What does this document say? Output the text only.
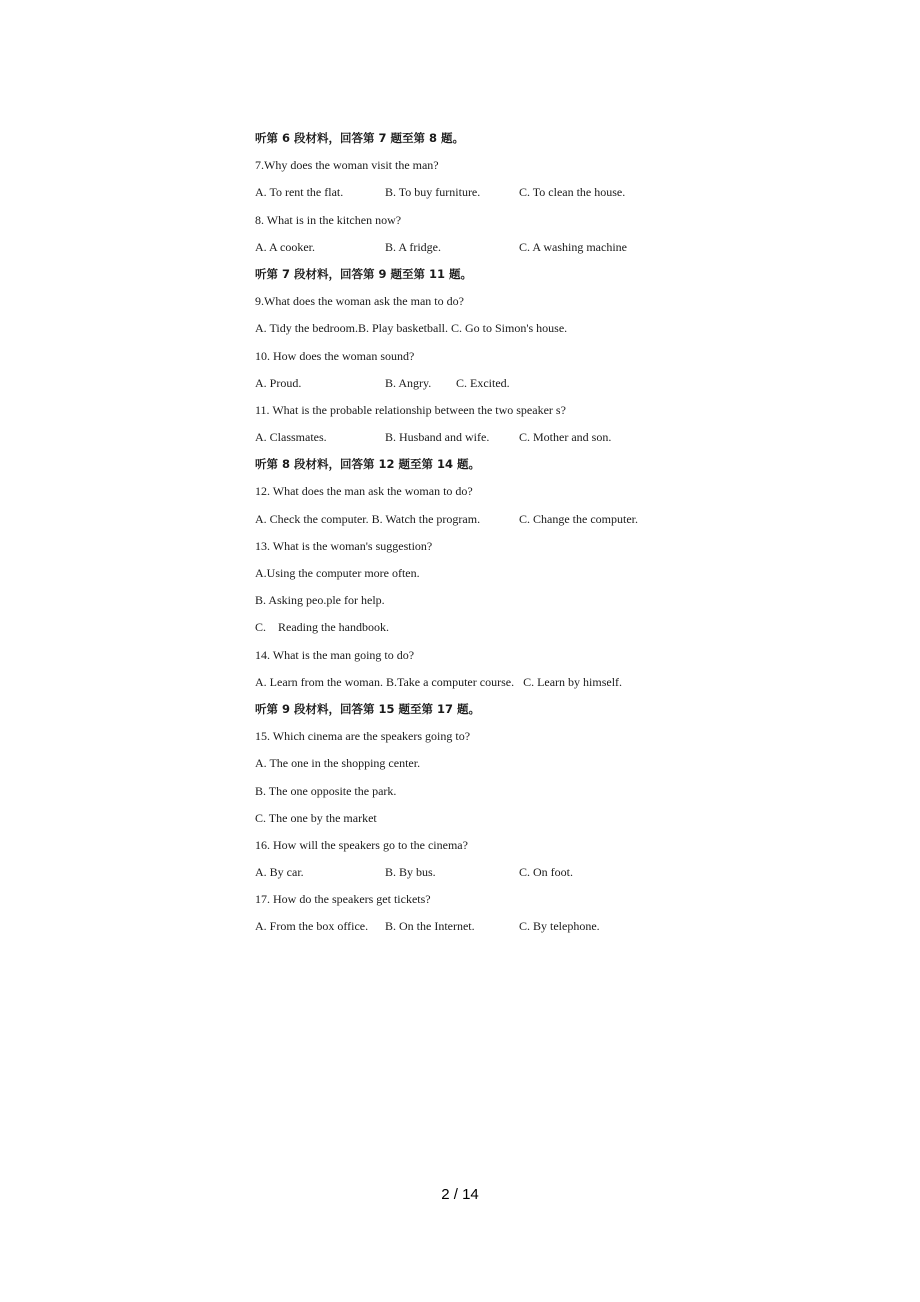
听第 6 段材料，回答第 7 题至第 8 题。
7.Why does the woman visit the man?
A. To rent the flat.	B. To buy furniture.	C. To clean the house.
8. What is in the kitchen now?
A. A cooker.	B. A fridge.	C. A washing machine
听第 7 段材料，回答第 9 题至第 11 题。
9.What does the woman ask the man to do?
A. Tidy the bedroom.B. Play basketball. C. Go to Simon's house.
10. How does the woman sound?
A. Proud.	B. Angry. C. Excited.
11. What is the probable relationship between the two speaker s?
A. Classmates.	B. Husband and wife. C. Mother and son.
听第 8 段材料，回答第 12 题至第 14 题。
12. What does the man ask the woman to do?
A. Check the computer. B. Watch the program.	C. Change the computer.
13. What is the woman's suggestion?
A.Using the computer more often.
B. Asking peo.ple for help.
C.    Reading the handbook.
14. What is the man going to do?
A. Learn from the woman. B.Take a computer course.   C. Learn by himself.
听第 9 段材料，回答第 15 题至第 17 题。
15. Which cinema are the speakers going to?
A. The one in the shopping center.
B. The one opposite the park.
C. The one by the market
16. How will the speakers go to the cinema?
A. By car.	B. By bus.	C. On foot.
17. How do the speakers get tickets?
A. From the box office. B. On the Internet.	C. By telephone.
2 / 14
